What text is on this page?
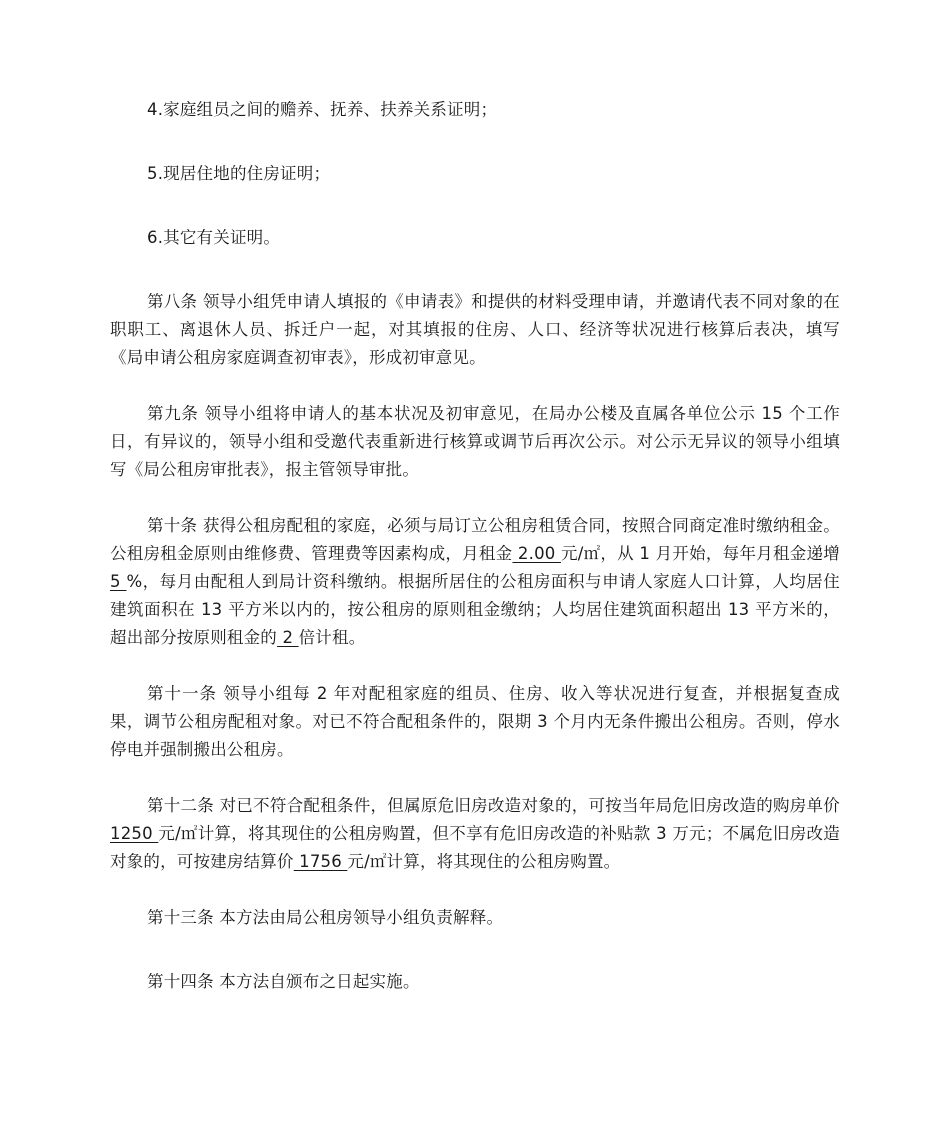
4.家庭组员之间的赡养、抚养、扶养关系证明；

5.现居住地的住房证明；

6.其它有关证明。

第八条 领导小组凭申请人填报的《申请表》和提供的材料受理申请，并邀请代表不同对象的在职职工、离退休人员、拆迁户一起，对其填报的住房、人口、经济等状况进行核算后表决，填写《局申请公租房家庭调查初审表》，形成初审意见。

第九条 领导小组将申请人的基本状况及初审意见，在局办公楼及直属各单位公示 15 个工作日，有异议的，领导小组和受邀代表重新进行核算或调节后再次公示。对公示无异议的领导小组填写《局公租房审批表》，报主管领导审批。

第十条 获得公租房配租的家庭，必须与局订立公租房租赁合同，按照合同商定准时缴纳租金。公租房租金原则由维修费、管理费等因素构成，月租金 2.00 元/㎡，从 1 月开始，每年月租金递增 5 %，每月由配租人到局计资科缴纳。根据所居住的公租房面积与申请人家庭人口计算，人均居住建筑面积在 13 平方米以内的，按公租房的原则租金缴纳；人均居住建筑面积超出 13 平方米的，超出部分按原则租金的 2 倍计租。

第十一条 领导小组每 2 年对配租家庭的组员、住房、收入等状况进行复查，并根据复查成果，调节公租房配租对象。对已不符合配租条件的，限期 3 个月内无条件搬出公租房。否则，停水停电并强制搬出公租房。

第十二条 对已不符合配租条件，但属原危旧房改造对象的，可按当年局危旧房改造的购房单价 1250 元/㎡计算，将其现住的公租房购置，但不享有危旧房改造的补贴款 3 万元；不属危旧房改造对象的，可按建房结算价 1756 元/㎡计算，将其现住的公租房购置。

第十三条 本方法由局公租房领导小组负责解释。

第十四条 本方法自颁布之日起实施。
